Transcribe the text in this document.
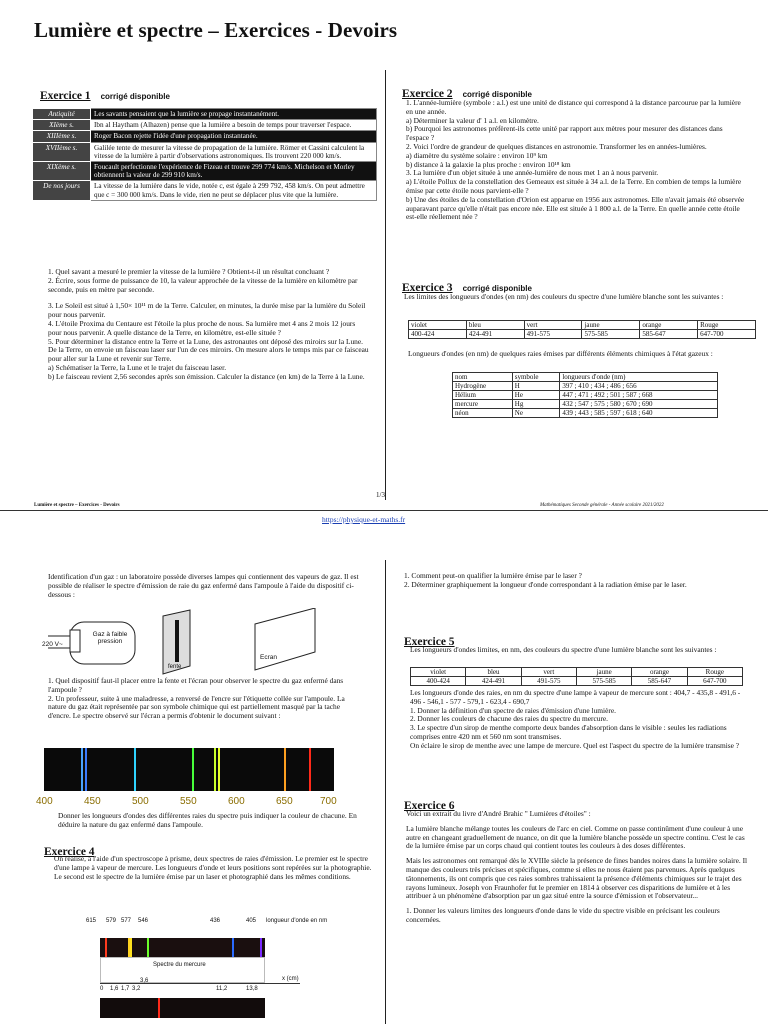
Lumière et spectre – Exercices - Devoirs
Exercice 1 corrigé disponible
Antiquité	Les savants pensaient que la lumière se propage instantanément.
XIème s.	Ibn al Haytham (Alhazen) pense que la lumière a besoin de temps pour traverser l'espace.
XIIIème s.	Roger Bacon rejette l'idée d'une propagation instantanée.
XVIIème s.	Galilée tente de mesurer la vitesse de propagation de la lumière. Römer et Cassini calculent la vitesse de la lumière à partir d'observations astronomiques. Ils trouvent 220 000 km/s.
XIXème s.	Foucault perfectionne l'expérience de Fizeau et trouve 299 774 km/s. Michelson et Morley obtiennent la valeur de 299 910 km/s.
De nos jours	La vitesse de la lumière dans le vide, notée c, est égale à 299 792, 458 km/s. On peut admettre que c = 300 000 km/s. Dans le vide, rien ne peut se déplacer plus vite que la lumière.

1. Quel savant a mesuré le premier la vitesse de la lumière ? Obtient-t-il un résultat concluant ?

2. Écrire, sous forme de puissance de 10, la valeur approchée de la vitesse de la lumière en kilomètre par seconde, puis en mètre par seconde.

3. Le Soleil est situé à 1,50× 10¹¹ m de la Terre. Calculer, en minutes, la durée mise par la lumière du Soleil pour nous parvenir.

4. L'étoile Proxima du Centaure est l'étoile la plus proche de nous. Sa lumière met 4 ans 2 mois 12 jours pour nous parvenir. A quelle distance de la Terre, en kilomètre, est-elle située ?

5. Pour déterminer la distance entre la Terre et la Lune, des astronautes ont déposé des miroirs sur la Lune. De la Terre, on envoie un faisceau laser sur l'un de ces miroirs. On mesure alors le temps mis par ce faisceau pour aller sur la Lune et revenir sur Terre.

a) Schématiser la Terre, la Lune et le trajet du faisceau laser.

b) Le faisceau revient 2,56 secondes après son émission. Calculer la distance (en km) de la Terre à la Lune.

Exercice 2 corrigé disponible

1. L'année-lumière (symbole : a.l.) est une unité de distance qui correspond à la distance parcourue par la lumière en une année.

a) Déterminer la valeur d' 1 a.l. en kilomètre.

b) Pourquoi les astronomes préfèrent-ils cette unité par rapport aux mètres pour mesurer des distances dans l'espace ?

2. Voici l'ordre de grandeur de quelques distances en astronomie. Transformer les en années-lumières.

a) diamètre du système solaire : environ 10⁹ km

b) distance à la galaxie la plus proche : environ 10¹⁸ km

3. La lumière d'un objet située à une année-lumière de nous met 1 an à nous parvenir.

a) L'étoile Pollux de la constellation des Gemeaux est située à 34 a.l. de la Terre. En combien de temps la lumière émise par cette étoile nous parvient-elle ?

b) Une des étoiles de la constellation d'Orion est apparue en 1956 aux astronomes. Elle n'avait jamais été observée auparavant parce qu'elle n'était pas encore née. Elle est située à 1 800 a.l. de la Terre. En quelle année cette étoile est-elle réellement née ?

Exercice 3 corrigé disponible
Les limites des longueurs d'ondes (en nm) des couleurs du spectre d'une lumière blanche sont les suivantes :
violet	bleu	vert	jaune	orange	Rouge
400-424	424-491	491-575	575-585	585-647	647-700
Longueurs d'ondes (en nm) de quelques raies émises par différents éléments chimiques à l'état gazeux :
nom	symbole	longueurs d'onde (nm)
Hydrogène	H	397 ; 410 ; 434 ; 486 ; 656
Hélium	He	447 ; 471 ; 492 ; 501 ; 587 ; 668
mercure	Hg	432 ; 547 ; 575 ; 580 ; 670 ; 690
néon	Ne	439 ; 443 ; 585 ; 597 ; 618 ; 640
1/3
Lumière et spectre – Exercices - Devoirs	Mathématiques Seconde générale - Année scolaire 2021/2022
https://physique-et-maths.fr
Identification d'un gaz : un laboratoire possède diverses lampes qui contiennent des vapeurs de gaz. Il est possible de réaliser le spectre d'émission de raie du gaz enfermé dans l'ampoule à l'aide du dispositif ci-dessous :
Gaz à faible pression
220 V~
fente
Ecran

1. Quel dispositif faut-il placer entre la fente et l'écran pour observer le spectre du gaz enfermé dans l'ampoule ?

2. Un professeur, suite à une maladresse, a renversé de l'encre sur l'étiquette collée sur l'ampoule. La nature du gaz était représentée par son symbole chimique qui est partiellement masqué par la tache d'encre. Le spectre observé sur l'écran a permis d'obtenir le document suivant :

400	450	500	550	600	650	700
Donner les longueurs d'ondes des différentes raies du spectre puis indiquer la couleur de chacune. En déduire la nature du gaz enfermé dans l'ampoule.
Exercice 4
On réalise, à l'aide d'un spectroscope à prisme, deux spectres de raies d'émission. Le premier est le spectre d'une lampe à vapeur de mercure. Les longueurs d'onde et leurs positions sont repérées sur la photographie. Le second est le spectre de la lumière émise par un laser et photographié dans les mêmes conditions.
615 579 577 546	436	405 longueur d'onde en nm
Spectre du mercure
x (cm)
0 1,6 1,7 3,2
3,6
11,2	13,8

1. Comment peut-on qualifier la lumière émise par le laser ?

2. Déterminer graphiquement la longueur d'onde correspondant à la radiation émise par le laser.

Exercice 5
Les longueurs d'ondes limites, en nm, des couleurs du spectre d'une lumière blanche sont les suivantes :
violet	bleu	vert	jaune	orange	Rouge
400-424	424-491	491-575	575-585	585-647	647-700

Les longueurs d'onde des raies, en nm du spectre d'une lampe à vapeur de mercure sont : 404,7 - 435,8 - 491,6 - 496 - 546,1 - 577 - 579,1 - 623,4 - 690,7

1. Donner la définition d'un spectre de raies d'émission d'une lumière.

2. Donner les couleurs de chacune des raies du spectre du mercure.

3. Le spectre d'un sirop de menthe comporte deux bandes d'absorption dans le visible : seules les radiations comprises entre 420 nm et 560 nm sont transmises.

On éclaire le sirop de menthe avec une lampe de mercure. Quel est l'aspect du spectre de la lumière transmise ?

Exercice 6

Voici un extrait du livre d'André Brahic " Lumières d'étoiles" :

La lumière blanche mélange toutes les couleurs de l'arc en ciel. Comme on passe continûment d'une couleur à une autre en changeant graduellement de nuance, on dit que la lumière blanche possède un spectre continu. C'est le cas de la lumière émise par un corps chaud qui contient toutes les couleurs à des doses différentes.

Mais les astronomes ont remarqué dès le XVIIIe siècle la présence de fines bandes noires dans la lumière solaire. Il manque des couleurs très précises et spécifiques, comme si elles ne nous étaient pas parvenues. Après quelques tâtonnements, ils ont compris que ces raies sombres trahissaient la présence d'éléments chimiques sur le trajet des rayons lumineux. Joseph von Fraunhofer fut le premier en 1814 à observer ces disparitions de lumière et à les attribuer à un phénomène d'absorption par un gaz situé entre la source d'émission et l'observateur...

1. Donner les valeurs limites des longueurs d'onde dans le vide du spectre visible en précisant les couleurs concernées.
